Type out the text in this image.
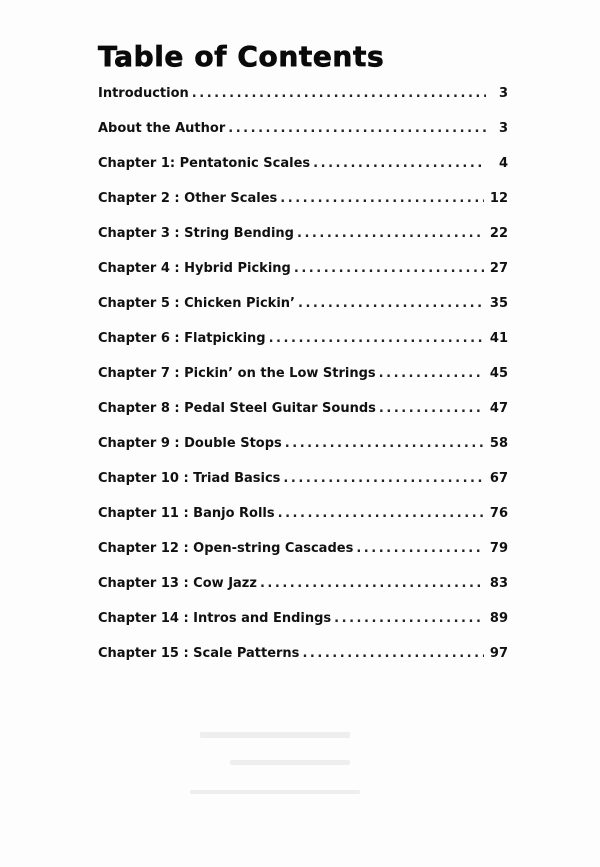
Table of Contents
Introduction . . .	3
About the Author . . .	3
Chapter 1: Pentatonic Scales . . .	4
Chapter 2 : Other Scales . . .	12
Chapter 3 : String Bending . . .	22
Chapter 4 : Hybrid Picking . . .	27
Chapter 5 : Chicken Pickin’ . . .	35
Chapter 6 : Flatpicking . . .	41
Chapter 7 : Pickin’ on the Low Strings . . .	45
Chapter 8 : Pedal Steel Guitar Sounds . . .	47
Chapter 9 : Double Stops . . .	58
Chapter 10 : Triad Basics . . .	67
Chapter 11 : Banjo Rolls . . .	76
Chapter 12 : Open-string Cascades . . .	79
Chapter 13 : Cow Jazz . . .	83
Chapter 14 : Intros and Endings . . .	89
Chapter 15 : Scale Patterns . . .	97
